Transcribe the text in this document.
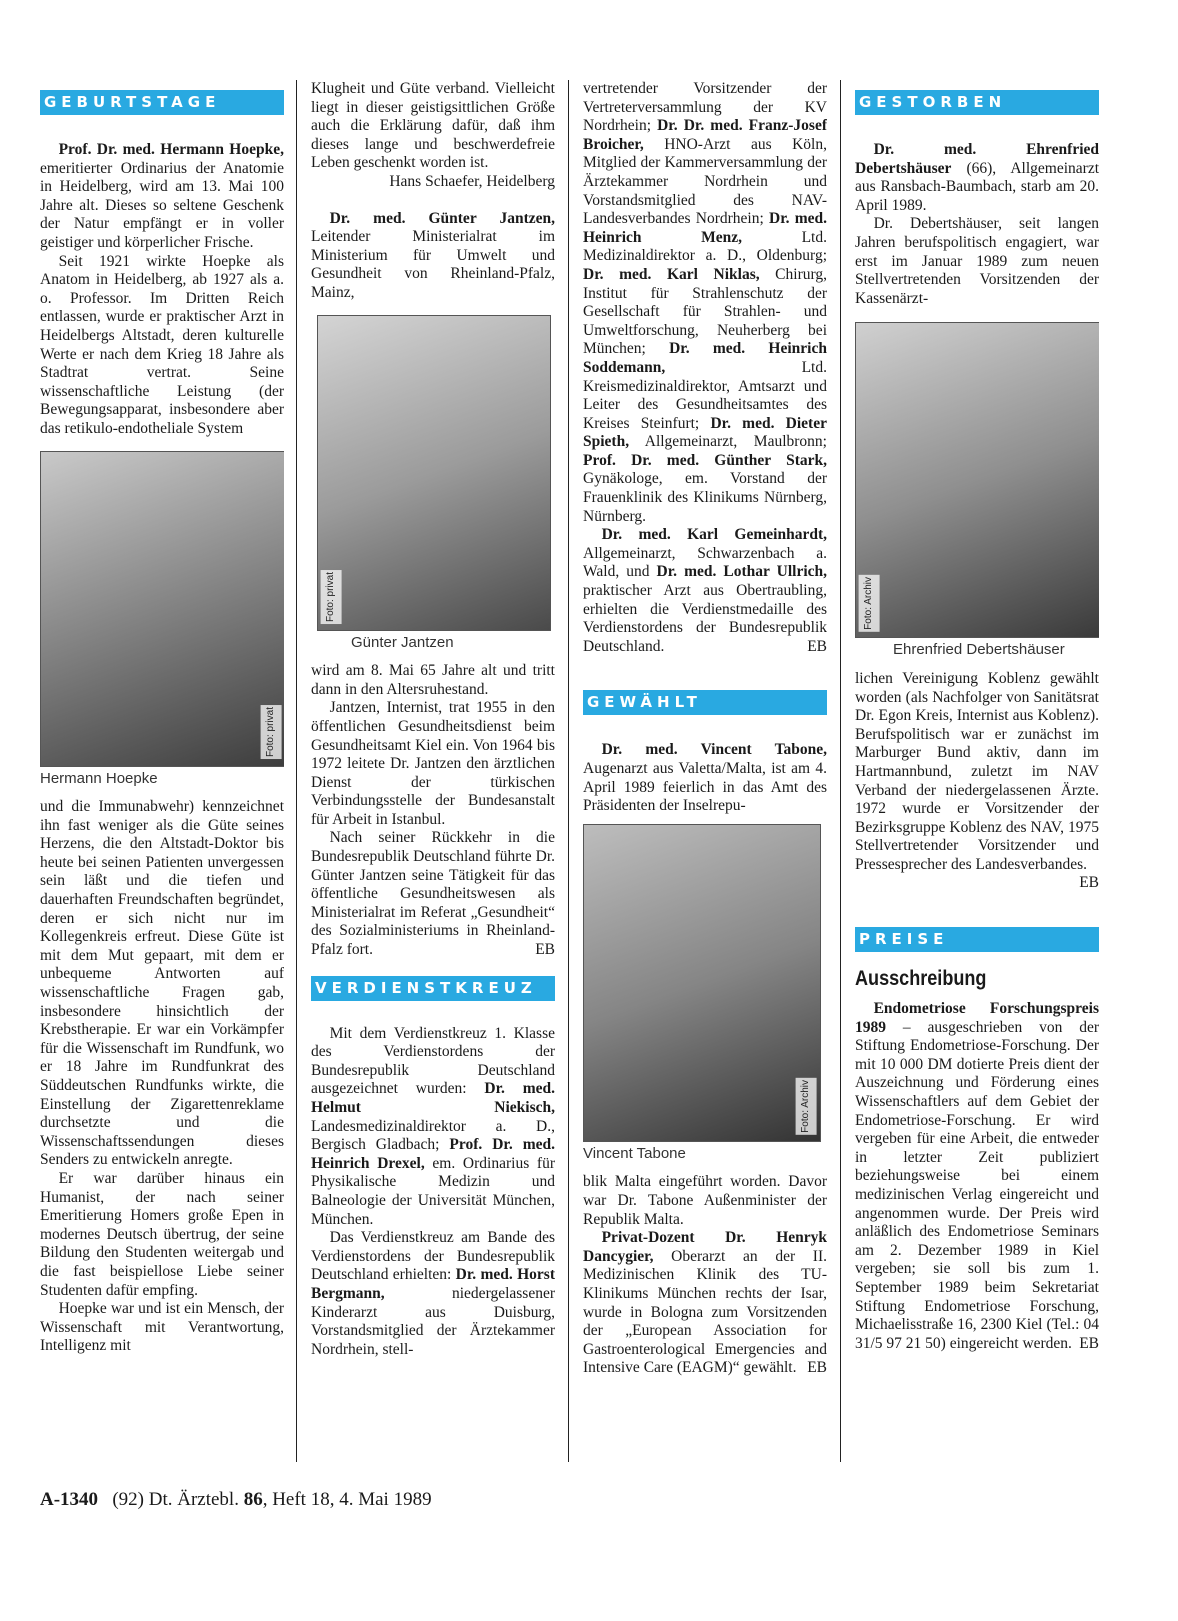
GEBURTSTAGE

Prof. Dr. med. Hermann Hoepke, emeritierter Ordinarius der Anatomie in Heidelberg, wird am 13. Mai 100 Jahre alt. Dieses so seltene Geschenk der Natur empfängt er in voller geistiger und körperlicher Frische.

Seit 1921 wirkte Hoepke als Anatom in Heidelberg, ab 1927 als a. o. Professor. Im Dritten Reich entlassen, wurde er praktischer Arzt in Heidelbergs Altstadt, deren kulturelle Werte er nach dem Krieg 18 Jahre als Stadtrat vertrat. Seine wissenschaftliche Leistung (der Bewegungsapparat, insbesondere aber das retikulo-endotheliale System

Foto: privat
Hermann Hoepke

und die Immunabwehr) kennzeichnet ihn fast weniger als die Güte seines Herzens, die den Altstadt-Doktor bis heute bei seinen Patienten unvergessen sein läßt und die tiefen und dauerhaften Freundschaften begründet, deren er sich nicht nur im Kollegenkreis erfreut. Diese Güte ist mit dem Mut gepaart, mit dem er unbequeme Antworten auf wissenschaftliche Fragen gab, insbesondere hinsichtlich der Krebstherapie. Er war ein Vorkämpfer für die Wissenschaft im Rundfunk, wo er 18 Jahre im Rundfunkrat des Süddeutschen Rundfunks wirkte, die Einstellung der Zigarettenreklame durchsetzte und die Wissenschaftssendungen dieses Senders zu entwickeln anregte.

Er war darüber hinaus ein Humanist, der nach seiner Emeritierung Homers große Epen in modernes Deutsch übertrug, der seine Bildung den Studenten weitergab und die fast beispiellose Liebe seiner Studenten dafür empfing.

Hoepke war und ist ein Mensch, der Wissenschaft mit Verantwortung, Intelligenz mit

Klugheit und Güte verband. Vielleicht liegt in dieser geistigsittlichen Größe auch die Erklärung dafür, daß ihm dieses lange und beschwerdefreie Leben geschenkt worden ist.

Hans Schaefer, Heidelberg

Dr. med. Günter Jantzen, Leitender Ministerialrat im Ministerium für Umwelt und Gesundheit von Rheinland-Pfalz, Mainz,

Foto: privat
Günter Jantzen

wird am 8. Mai 65 Jahre alt und tritt dann in den Altersruhestand.

Jantzen, Internist, trat 1955 in den öffentlichen Gesundheitsdienst beim Gesundheitsamt Kiel ein. Von 1964 bis 1972 leitete Dr. Jantzen den ärztlichen Dienst der türkischen Verbindungsstelle der Bundesanstalt für Arbeit in Istanbul.

Nach seiner Rückkehr in die Bundesrepublik Deutschland führte Dr. Günter Jantzen seine Tätigkeit für das öffentliche Gesundheitswesen als Ministerialrat im Referat „Gesundheit“ des Sozialministeriums in Rheinland-Pfalz fort.	EB

VERDIENSTKREUZ

Mit dem Verdienstkreuz 1. Klasse des Verdienstordens der Bundesrepublik Deutschland ausgezeichnet wurden: Dr. med. Helmut Niekisch, Landesmedizinaldirektor a. D., Bergisch Gladbach; Prof. Dr. med. Heinrich Drexel, em. Ordinarius für Physikalische Medizin und Balneologie der Universität München, München.

Das Verdienstkreuz am Bande des Verdienstordens der Bundesrepublik Deutschland erhielten: Dr. med. Horst Bergmann, niedergelassener Kinderarzt aus Duisburg, Vorstandsmitglied der Ärztekammer Nordrhein, stell-

vertretender Vorsitzender der Vertreterversammlung der KV Nordrhein; Dr. Dr. med. Franz-Josef Broicher, HNO-Arzt aus Köln, Mitglied der Kammerversammlung der Ärztekammer Nordrhein und Vorstandsmitglied des NAV-Landesverbandes Nordrhein; Dr. med. Heinrich Menz, Ltd. Medizinaldirektor a. D., Oldenburg; Dr. med. Karl Niklas, Chirurg, Institut für Strahlenschutz der Gesellschaft für Strahlen- und Umweltforschung, Neuherberg bei München; Dr. med. Heinrich Soddemann, Ltd. Kreismedizinaldirektor, Amtsarzt und Leiter des Gesundheitsamtes des Kreises Steinfurt; Dr. med. Dieter Spieth, Allgemeinarzt, Maulbronn; Prof. Dr. med. Günther Stark, Gynäkologe, em. Vorstand der Frauenklinik des Klinikums Nürnberg, Nürnberg.

Dr. med. Karl Gemeinhardt, Allgemeinarzt, Schwarzenbach a. Wald, und Dr. med. Lothar Ullrich, praktischer Arzt aus Obertraubling, erhielten die Verdienstmedaille des Verdienstordens der Bundesrepublik Deutschland.	EB

GEWÄHLT

Dr. med. Vincent Tabone, Augenarzt aus Valetta/Malta, ist am 4. April 1989 feierlich in das Amt des Präsidenten der Inselrepu-

Foto: Archiv
Vincent Tabone

blik Malta eingeführt worden. Davor war Dr. Tabone Außenminister der Republik Malta.

Privat-Dozent Dr. Henryk Dancygier, Oberarzt an der II. Medizinischen Klinik des TU-Klinikums München rechts der Isar, wurde in Bologna zum Vorsitzenden der „European Association for Gastroenterological Emergencies and Intensive Care (EAGM)“ gewählt. EB

GESTORBEN

Dr. med. Ehrenfried Debertshäuser (66), Allgemeinarzt aus Ransbach-Baumbach, starb am 20. April 1989.

Dr. Debertshäuser, seit langen Jahren berufspolitisch engagiert, war erst im Januar 1989 zum neuen Stellvertretenden Vorsitzenden der Kassenärzt-

Foto: Archiv
Ehrenfried Debertshäuser

lichen Vereinigung Koblenz gewählt worden (als Nachfolger von Sanitätsrat Dr. Egon Kreis, Internist aus Koblenz). Berufspolitisch war er zunächst im Marburger Bund aktiv, dann im Hartmannbund, zuletzt im NAV Verband der niedergelassenen Ärzte. 1972 wurde er Vorsitzender der Bezirksgruppe Koblenz des NAV, 1975 Stellvertretender Vorsitzender und Pressesprecher des Landesverbandes.
EB

PREISE
Ausschreibung

Endometriose Forschungspreis 1989 – ausgeschrieben von der Stiftung Endometriose-Forschung. Der mit 10 000 DM dotierte Preis dient der Auszeichnung und Förderung eines Wissenschaftlers auf dem Gebiet der Endometriose-Forschung. Er wird vergeben für eine Arbeit, die entweder in letzter Zeit publiziert beziehungsweise bei einem medizinischen Verlag eingereicht und angenommen wurde. Der Preis wird anläßlich des Endometriose Seminars am 2. Dezember 1989 in Kiel vergeben; sie soll bis zum 1. September 1989 beim Sekretariat Stiftung Endometriose Forschung, Michaelisstraße 16, 2300 Kiel (Tel.: 04 31/5 97 21 50) eingereicht werden. EB

A-1340 (92) Dt. Ärztebl. 86, Heft 18, 4. Mai 1989
